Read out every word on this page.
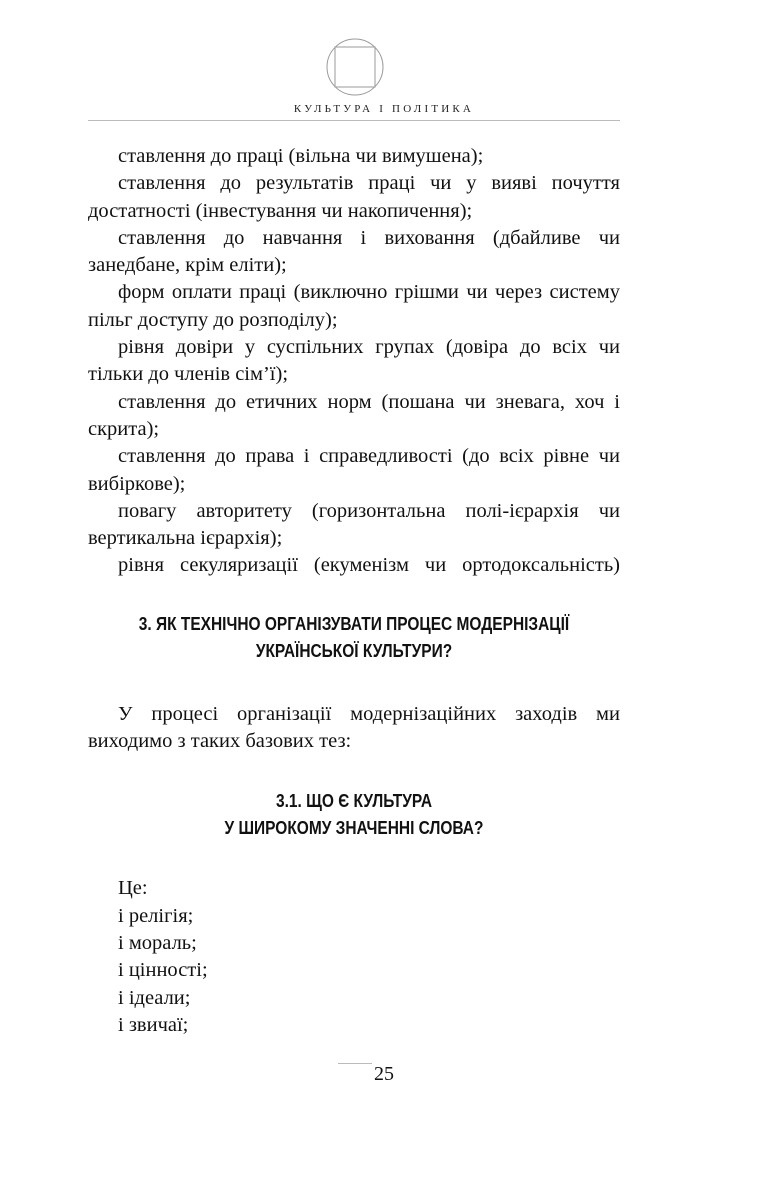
КУЛЬТУРА І ПОЛІТИКА

ставлення до праці (вільна чи вимушена);

ставлення до результатів праці чи у вияві почуття достатності (інвестування чи накопичення);

ставлення до навчання і виховання (дбайливе чи занедбане, крім еліти);

форм оплати праці (виключно грішми чи через систему пільг доступу до розподілу);

рівня довіри у суспільних групах (довіра до всіх чи тільки до членів сім’ї);

ставлення до етичних норм (пошана чи зневага, хоч і скрита);

ставлення до права і справедливості (до всіх рівне чи вибіркове);

повагу авторитету (горизонтальна полі-ієрархія чи вертикальна ієрархія);

рівня секуляризації (екуменізм чи ортодоксальність)

3. ЯК ТЕХНІЧНО ОРГАНІЗУВАТИ ПРОЦЕС МОДЕРНІЗАЦІЇ
УКРАЇНСЬКОЇ КУЛЬТУРИ?

У процесі організації модернізаційних заходів ми виходимо з таких базових тез:

3.1. ЩО Є КУЛЬТУРА
У ШИРОКОМУ ЗНАЧЕННІ СЛОВА?

Це:

і релігія;

і мораль;

і цінності;

і ідеали;

і звичаї;

25
